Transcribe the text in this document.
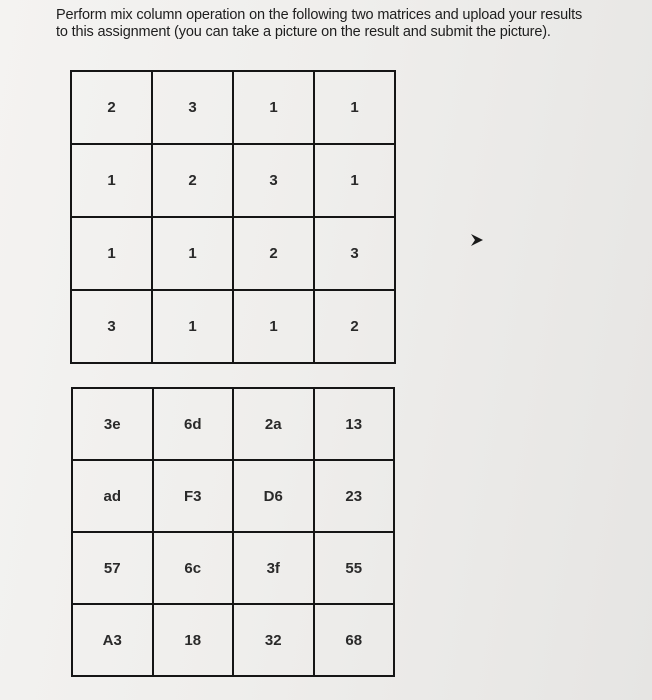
Perform mix column operation on the following two matrices and upload your results
to this assignment (you can take a picture on the result and submit the picture).
2	3	1	1
1	2	3	1
1	1	2	3
3	1	1	2
3e	6d	2a	13
ad	F3	D6	23
57	6c	3f	55
A3	18	32	68
